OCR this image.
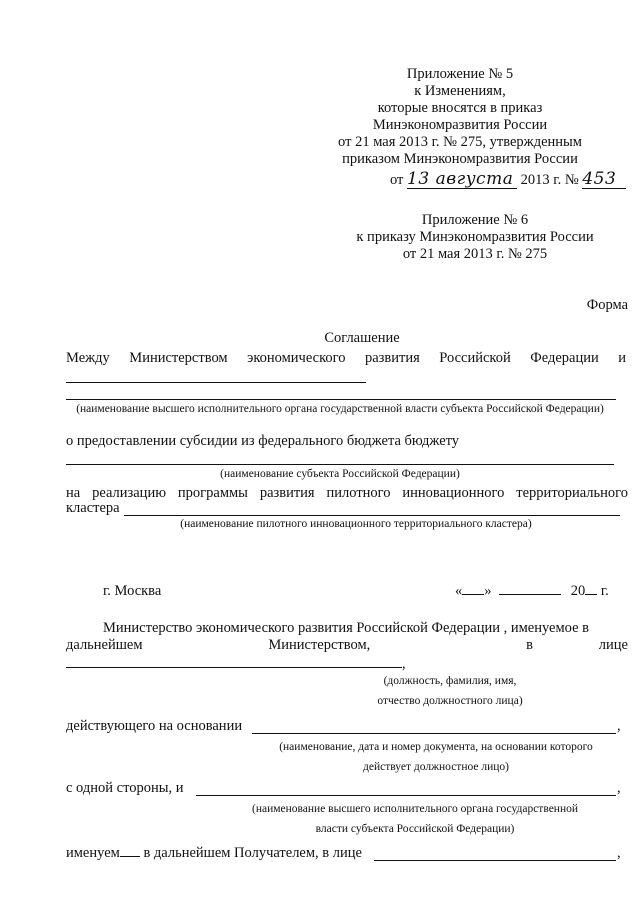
Приложение № 5
к Изменениям,
которые вносятся в приказ
Минэкономразвития России
от 21 мая 2013 г. № 275, утвержденным
приказом Минэкономразвития России
от 13 августа 2013 г. № 453
Приложение № 6
к приказу Минэкономразвития России
от 21 мая 2013 г. № 275
Форма
Соглашение
Между Министерством экономического развития Российской Федерации и
(наименование высшего исполнительного органа государственной власти субъекта Российской Федерации)
о предоставлении субсидии из федерального бюджета бюджету
(наименование субъекта Российской Федерации)
на реализацию программы развития пилотного инновационного территориального
кластера
(наименование пилотного инновационного территориального кластера)
г. Москва	« »	20 г.
Министерство экономического развития Российской Федерации , именуемое в
дальнейшем	Министерством,	в	лице
,
(должность, фамилия, имя,
отчество должностного лица)
действующего на основании	,
(наименование, дата и номер документа, на основании которого
действует должностное лицо)
с одной стороны, и	,
(наименование высшего исполнительного органа государственной
власти субъекта Российской Федерации)
именуем в дальнейшем Получателем, в лице	,
